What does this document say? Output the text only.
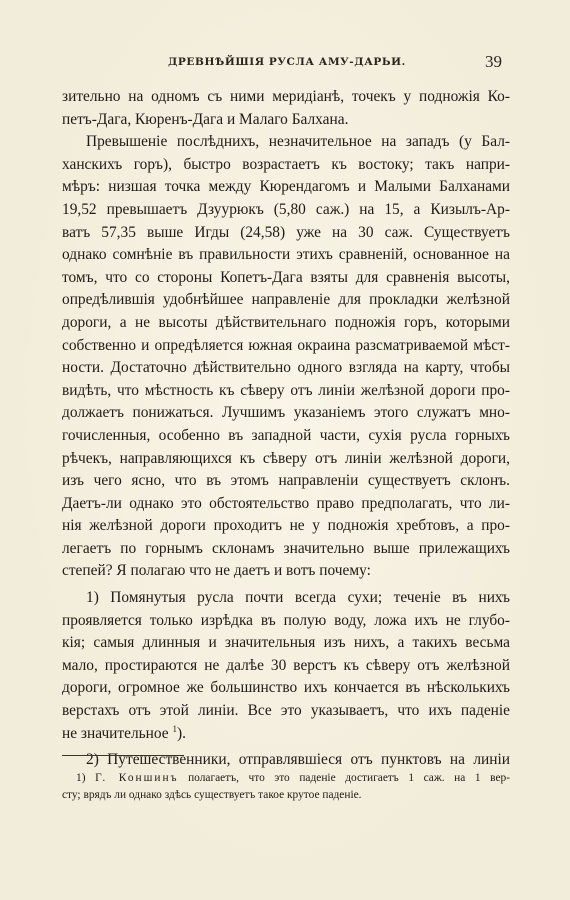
ДРЕВНѢЙШІЯ РУСЛА АМУ-ДАРЬИ.	39
зительно на одномъ съ ними меридіанѣ, точекъ у подножія Ко-
петъ-Дага, Кюренъ-Дага и Малаго Балхана.
Превышеніе послѣднихъ, незначительное на западъ (у Бал-
ханскихъ горъ), быстро возрастаетъ къ востоку; такъ напри-
мѣръ: низшая точка между Кюрендагомъ и Малыми Балханами
19,52 превышаетъ Дзуурюкъ (5,80 саж.) на 15, а Кизылъ-Ар-
ватъ 57,35 выше Игды (24,58) уже на 30 саж. Существуетъ
однако сомнѣніе въ правильности этихъ сравненій, основанное на
томъ, что со стороны Копетъ-Дага взяты для сравненія высоты,
опредѣлившія удобнѣйшее направленіе для прокладки желѣзной
дороги, а не высоты дѣйствительнаго подножія горъ, которыми
собственно и опредѣляется южная окраина разсматриваемой мѣст-
ности. Достаточно дѣйствительно одного взгляда на карту, чтобы
видѣть, что мѣстность къ сѣверу отъ линіи желѣзной дороги про-
должаетъ понижаться. Лучшимъ указаніемъ этого служатъ мно-
гочисленныя, особенно въ западной части, сухія русла горныхъ
рѣчекъ, направляющихся къ сѣверу отъ линіи желѣзной дороги,
изъ чего ясно, что въ этомъ направленіи существуетъ склонъ.
Даетъ-ли однако это обстоятельство право предполагать, что ли-
нія желѣзной дороги проходитъ не у подножія хребтовъ, а про-
легаетъ по горнымъ склонамъ значительно выше прилежащихъ
степей? Я полагаю что не даетъ и вотъ почему:
1) Помянутыя русла почти всегда сухи; теченіе въ нихъ
проявляется только изрѣдка въ полую воду, ложа ихъ не глубо-
кія; самыя длинныя и значительныя изъ нихъ, а такихъ весьма
мало, простираются не далѣе 30 верстъ къ сѣверу отъ желѣзной
дороги, огромное же большинство ихъ кончается въ нѣсколькихъ
верстахъ отъ этой линіи. Все это указываетъ, что ихъ паденіе
не значительное $^1$).
2) Путешественники, отправлявшіеся отъ пунктовъ на линіи
1) Г. Коншинъ полагаетъ, что это паденіе достигаетъ 1 саж. на 1 вер-
сту; врядъ ли однако здѣсь существуетъ такое крутое паденіе.
